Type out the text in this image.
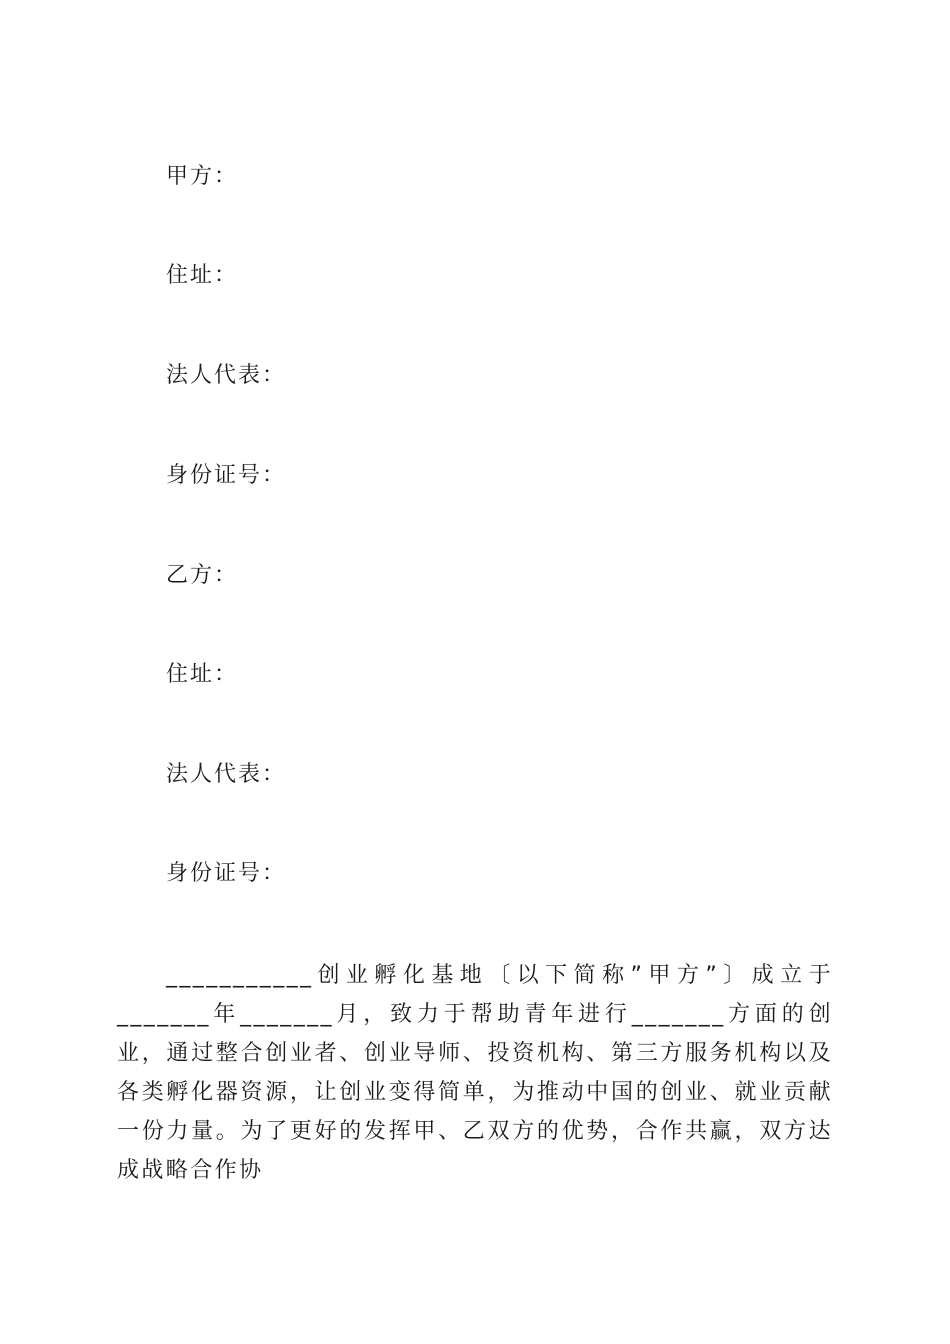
甲方：
住址：
法人代表：
身份证号：
乙方：
住址：
法人代表：
身份证号：

___________创业孵化基地〔以下简称”甲方”〕成立于_______年_______月，致力于帮助青年进行_______方面的创业，通过整合创业者、创业导师、投资机构、第三方服务机构以及各类孵化器资源，让创业变得简单，为推动中国的创业、就业贡献一份力量。为了更好的发挥甲、乙双方的优势，合作共赢，双方达成战略合作协
